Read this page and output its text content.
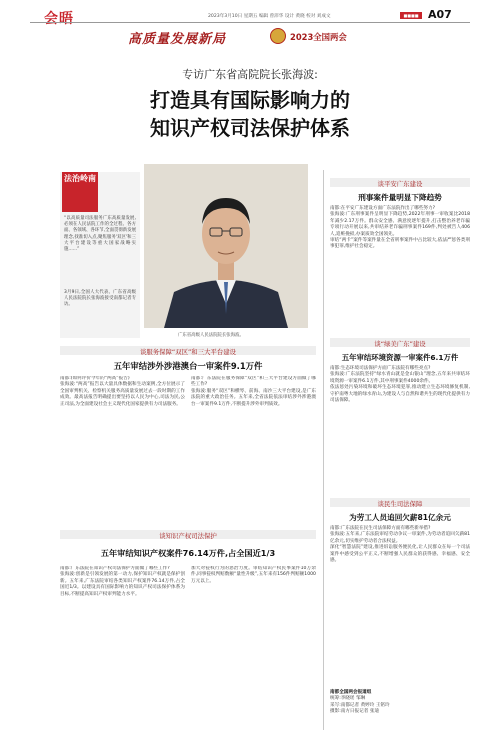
会晤	2023年3月10日 星期五 编辑 曾沛华 设计 黄晓 校对 刘成文	■■■■ A07
高质量发展新局	2023全国两会
专访广东省高院院长张海波:
打造具有国际影响力的
知识产权司法保护体系
法治岭南

“以高质量司法服务广东高质量发展,必须在人民法院工作的全过程、各方面、各领域、各环节,全面贯彻新发展理念,找准切入点,聚焦服务'双区'和三大平台建设等重大国家战略实施……”

3月9日,全国人大代表、广东省高级人民法院院长张海波接受南都记者专访。

广东省高级人民法院院长张海波。
谈平安广东建设
刑事案件量明显下降趋势

南都:在平安广东建设方面广东法院作出了哪些努力?

张海波:广东刑事案件呈明显下降趋势,2022年刑事一审收案比2018年减少2.17万件。群众安全感、满意度逐年提升,打击整治养老诈骗专项行动开展以来,共审结养老诈骗刑事案件169件,判处被告人406人,追赃挽损,办案质效全国领先。

审结“两卡”案件等案件量在全省刑事案件中占比较大,依法严惩各类刑事犯罪,维护社会稳定。

谈“绿美广东”建设
五年审结环境资源一审案件6.1万件

南都:生态环境司法保护方面广东法院有哪些亮点?

张海波:广东法院坚持“绿水青山就是金山银山”理念,五年来共审结环境资源一审案件6.1万件,其中刑事案件4000余件。

依法惩处污染环境和破坏生态环境犯罪,推动建立生态环境修复机制,守护南粤大地的绿水青山,为建设人与自然和谐共生的现代化提供有力司法保障。

谈民生司法保障
为劳工人员追回欠薪81亿余元

南都:广东法院在民生司法保障方面有哪些新举措?

张海波:五年来,广东法院审结劳动争议一审案件,为劳动者追回欠薪81亿余元,切实维护劳动者合法权益。

深化“智慧法院”建设,推进诉讼服务便民化,让人民群众在每一个司法案件中感受到公平正义,不断增强人民群众的获得感、幸福感、安全感。

南都全国两会报道组
统筹:李晓瑶 邹琳
采写:南都记者 黄婷玲 王铭玲
摄影:南方日报记者 张迪
谈服务保障“双区”和三大平台建设
五年审结涉外涉港澳台一审案件9.1万件

南都:(如何评价今年的“两高”报告)

张海波:“两高”报告以大量具体数据和生动案例,全方位展示了全国审判机关、检察机关服务高质量发展过去一段时期的工作成效。最高法报告明确提出要坚持以人民为中心,司法为民,公正司法,为全面建设社会主义现代化国家提供有力司法服务。

南都:广东法院在服务保障“双区”和三大平台建设方面做了哪些工作?

张海波:服务“双区”和横琴、前海、南沙三大平台建设,是广东法院的重大政治任务。五年来,全省法院依法审结涉外涉港澳台一审案件9.1万件,不断提升涉外审判质效。

谈知识产权司法保护
五年审结知识产权案件76.14万件,占全国近1/3

南都:广东法院在知识产权司法保护方面做了哪些工作?

张海波:创新是引领发展的第一动力,保护知识产权就是保护创新。五年来,广东法院审结各类知识产权案件76.14万件,占全国近1/3。以建设具有国际影响力的知识产权司法保护体系为目标,不断提高知识产权审判能力水平。

加大对侵权行为的惩治力度。审结知识产权民事案件10万余件,同事侵权判赔数额“量性升级”,五年来有156件判赔额1000万元以上。
